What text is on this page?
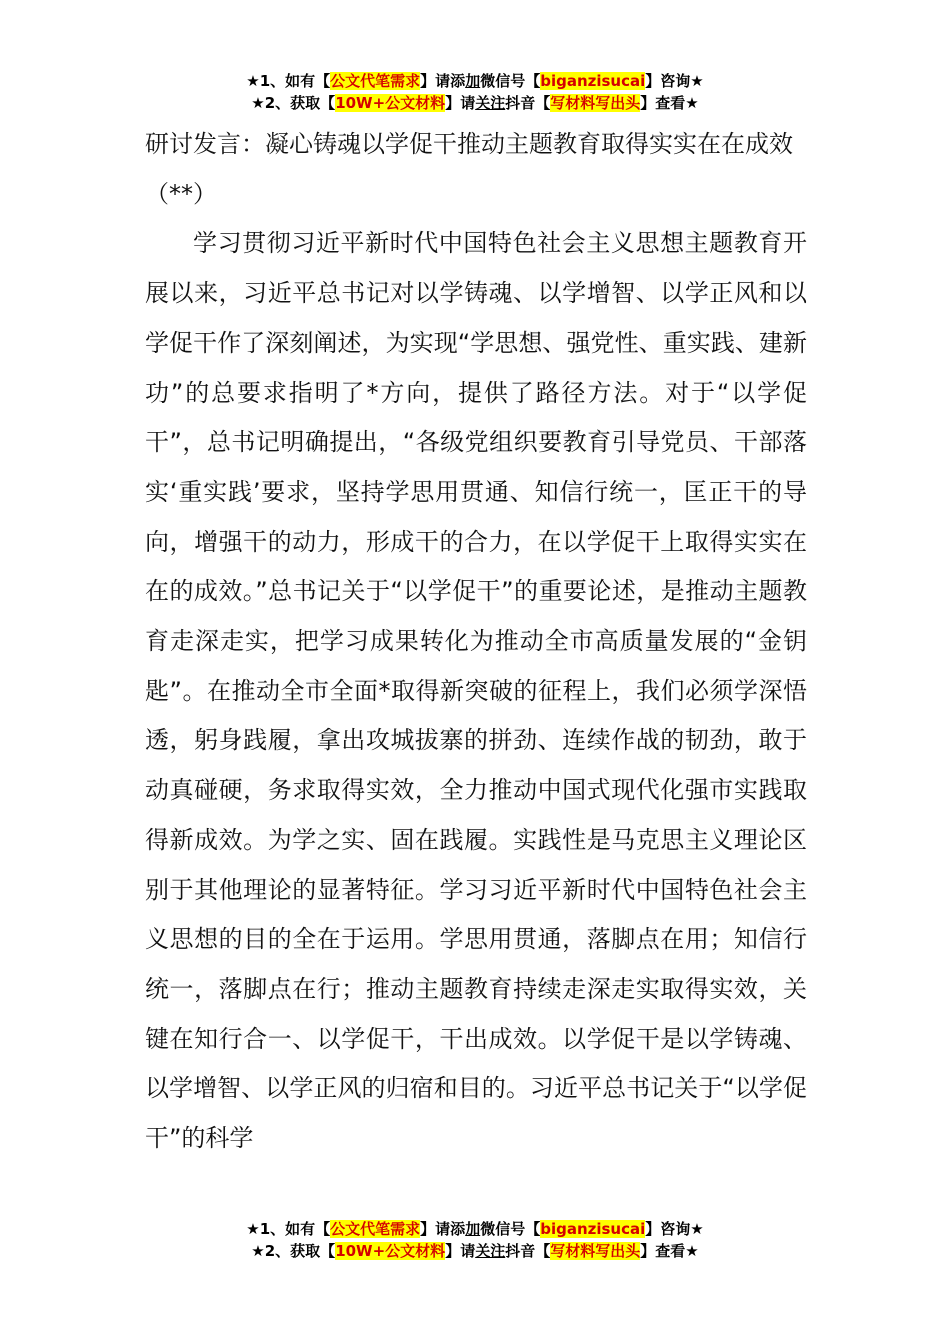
★1、如有【公文代笔需求】请添加微信号【biganzisucai】咨询★
★2、获取【10W+公文材料】请关注抖音【写材料写出头】查看★

研讨发言：凝心铸魂以学促干推动主题教育取得实实在在成效（**）

学习贯彻习近平新时代中国特色社会主义思想主题教育开展以来，习近平总书记对以学铸魂、以学增智、以学正风和以学促干作了深刻阐述，为实现“学思想、强党性、重实践、建新功”的总要求指明了*方向，提供了路径方法。对于“以学促干”，总书记明确提出，“各级党组织要教育引导党员、干部落实‘重实践’要求，坚持学思用贯通、知信行统一，匡正干的导向，增强干的动力，形成干的合力，在以学促干上取得实实在在的成效。”总书记关于“以学促干”的重要论述，是推动主题教育走深走实，把学习成果转化为推动全市高质量发展的“金钥匙”。在推动全市全面*取得新突破的征程上，我们必须学深悟透，躬身践履，拿出攻城拔寨的拼劲、连续作战的韧劲，敢于动真碰硬，务求取得实效，全力推动中国式现代化强市实践取得新成效。为学之实、固在践履。实践性是马克思主义理论区别于其他理论的显著特征。学习习近平新时代中国特色社会主义思想的目的全在于运用。学思用贯通，落脚点在用；知信行统一，落脚点在行；推动主题教育持续走深走实取得实效，关键在知行合一、以学促干，干出成效。以学促干是以学铸魂、以学增智、以学正风的归宿和目的。习近平总书记关于“以学促干”的科学

★1、如有【公文代笔需求】请添加微信号【biganzisucai】咨询★
★2、获取【10W+公文材料】请关注抖音【写材料写出头】查看★
